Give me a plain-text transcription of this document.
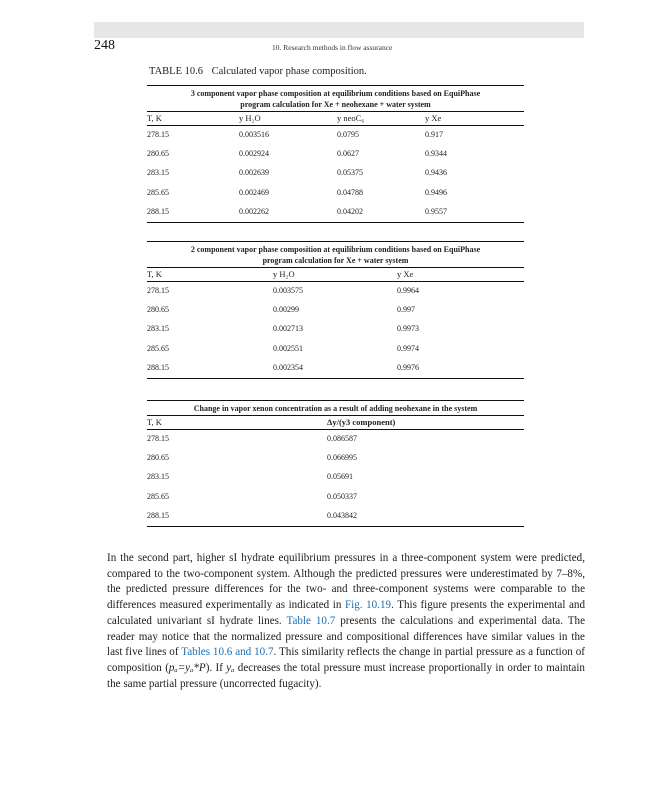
248	10. Research methods in flow assurance
TABLE 10.6 Calculated vapor phase composition.
3 component vapor phase composition at equilibrium conditions based on EquiPhase
program calculation for Xe + neohexane + water system
T, K	y H₂O	y neoC₆	y Xe
278.15	0.003516	0.0795	0.917
280.65	0.002924	0.0627	0.9344
283.15	0.002639	0.05375	0.9436
285.65	0.002469	0.04788	0.9496
288.15	0.002262	0.04202	0.9557
2 component vapor phase composition at equilibrium conditions based on EquiPhase
program calculation for Xe + water system
T, K	y H₂O	y Xe
278.15	0.003575	0.9964
280.65	0.00299	0.997
283.15	0.002713	0.9973
285.65	0.002551	0.9974
288.15	0.002354	0.9976
Change in vapor xenon concentration as a result of adding neohexane in the system
T, K	Δy/(y3 component)
278.15	0.086587
280.65	0.066995
283.15	0.05691
285.65	0.050337
288.15	0.043842
In the second part, higher sI hydrate equilibrium pressures in a three-component system were predicted, compared to the two-component system. Although the predicted pressures were underestimated by 7–8%, the predicted pressure differences for the two- and three-component systems were comparable to the differences measured experimentally as indicated in Fig. 10.19. This figure presents the experimental and calculated univariant sI hydrate lines. Table 10.7 presents the calculations and experimental data. The reader may notice that the normalized pressure and compositional differences have similar values in the last five lines of Tables 10.6 and 10.7. This similarity reflects the change in partial pressure as a function of composition (pₐ=yₐ*P). If yₐ decreases the total pressure must increase proportionally in order to maintain the same partial pressure (uncorrected fugacity).
